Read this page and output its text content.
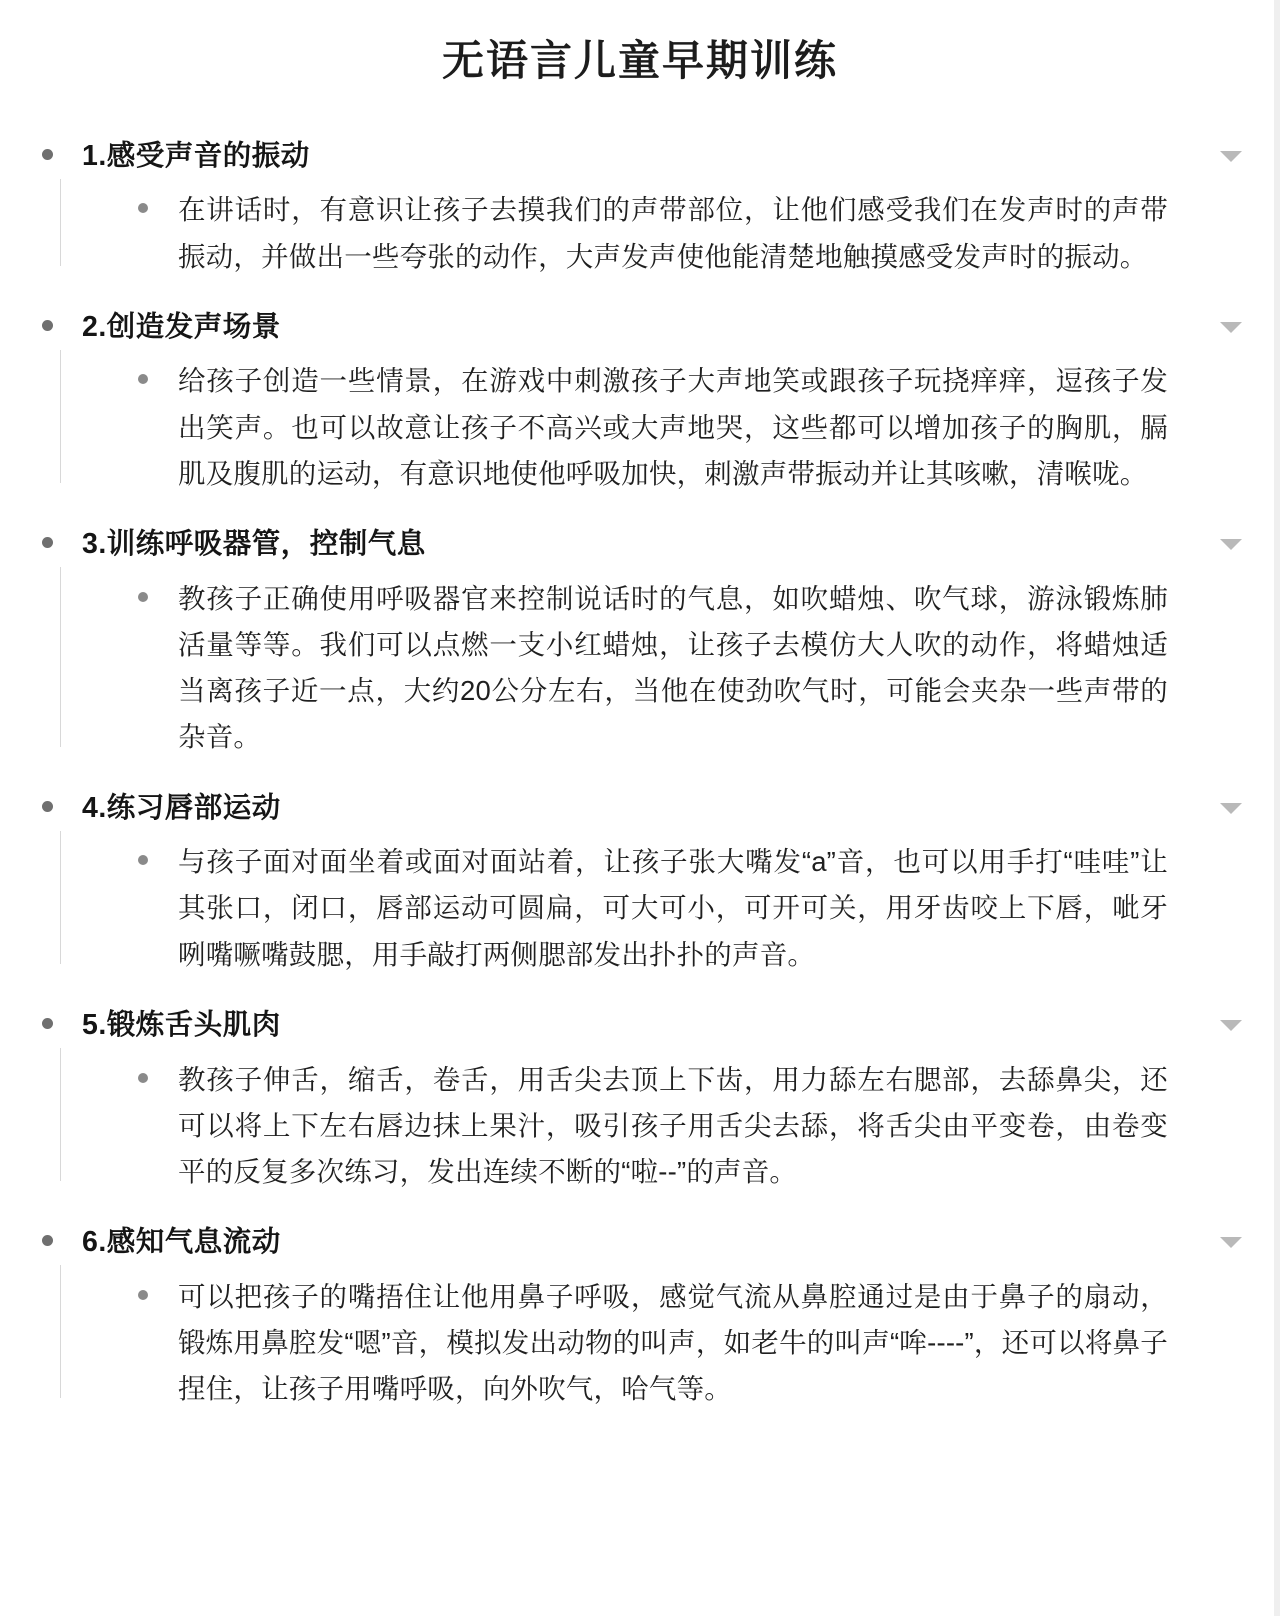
无语言儿童早期训练
1.感受声音的振动
在讲话时，有意识让孩子去摸我们的声带部位，让他们感受我们在发声时的声带振动，并做出一些夸张的动作，大声发声使他能清楚地触摸感受发声时的振动。
2.创造发声场景
给孩子创造一些情景，在游戏中刺激孩子大声地笑或跟孩子玩挠痒痒，逗孩子发出笑声。也可以故意让孩子不高兴或大声地哭，这些都可以增加孩子的胸肌，膈肌及腹肌的运动，有意识地使他呼吸加快，刺激声带振动并让其咳嗽，清喉咙。
3.训练呼吸器管，控制气息
教孩子正确使用呼吸器官来控制说话时的气息，如吹蜡烛、吹气球，游泳锻炼肺活量等等。我们可以点燃一支小红蜡烛，让孩子去模仿大人吹的动作，将蜡烛适当离孩子近一点，大约20公分左右，当他在使劲吹气时，可能会夹杂一些声带的杂音。
4.练习唇部运动
与孩子面对面坐着或面对面站着，让孩子张大嘴发“a”音，也可以用手打“哇哇”让其张口，闭口，唇部运动可圆扁，可大可小，可开可关，用牙齿咬上下唇，呲牙咧嘴噘嘴鼓腮，用手敲打两侧腮部发出扑扑的声音。
5.锻炼舌头肌肉
教孩子伸舌，缩舌，卷舌，用舌尖去顶上下齿，用力舔左右腮部，去舔鼻尖，还可以将上下左右唇边抹上果汁，吸引孩子用舌尖去舔，将舌尖由平变卷，由卷变平的反复多次练习，发出连续不断的“啦--”的声音。
6.感知气息流动
可以把孩子的嘴捂住让他用鼻子呼吸，感觉气流从鼻腔通过是由于鼻子的扇动，锻炼用鼻腔发“嗯”音，模拟发出动物的叫声，如老牛的叫声“哞----”，还可以将鼻子捏住，让孩子用嘴呼吸，向外吹气，哈气等。
